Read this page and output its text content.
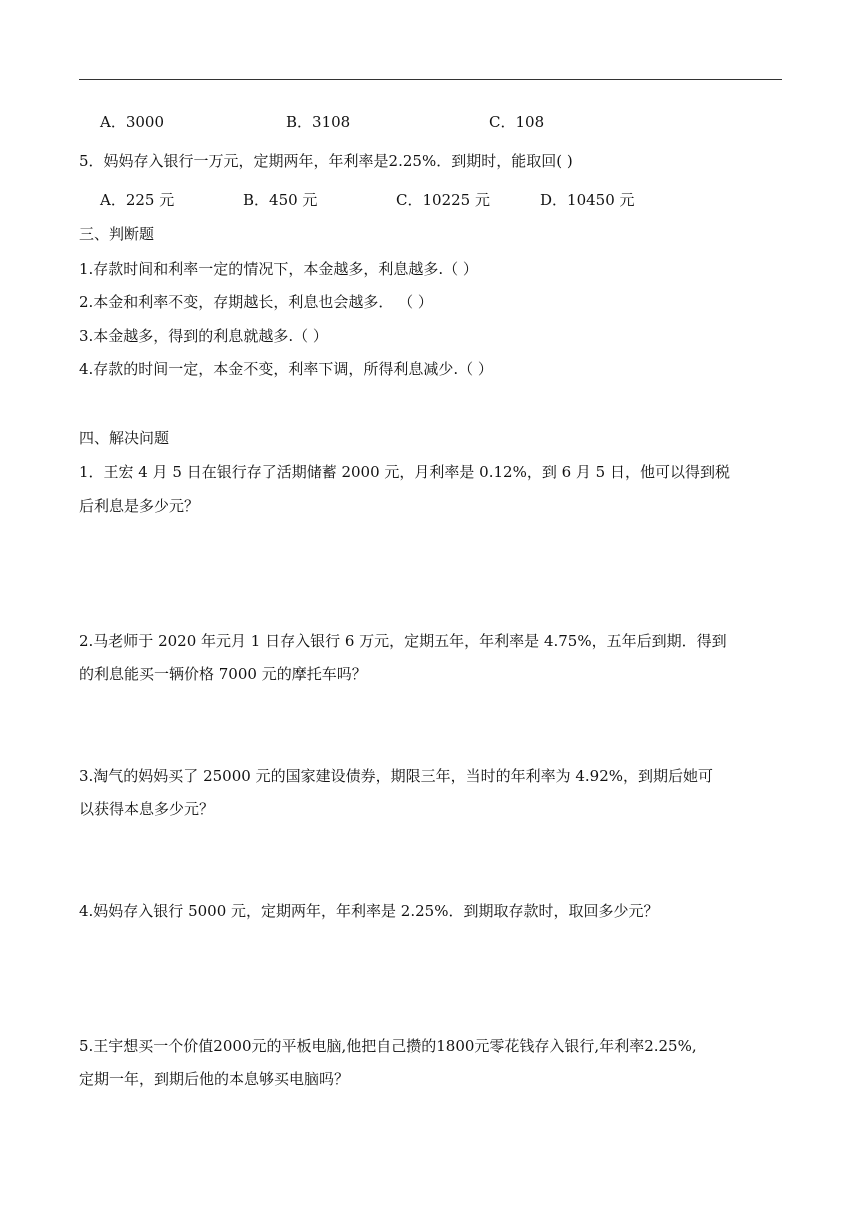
A．3000	B．3108	C．108
5．妈妈存入银行一万元，定期两年，年利率是2.25%．到期时，能取回( )
A．225 元	B．450 元	C．10225 元	D．10450 元
三、判断题
1.存款时间和利率一定的情况下，本金越多，利息越多.（ ）
2.本金和利率不变，存期越长，利息也会越多． （ ）
3.本金越多，得到的利息就越多.（ ）
4.存款的时间一定，本金不变，利率下调，所得利息减少.（ ）
四、解决问题
1．王宏 4 月 5 日在银行存了活期储蓄 2000 元，月利率是 0.12%，到 6 月 5 日，他可以得到税
后利息是多少元？
2.马老师于 2020 年元月 1 日存入银行 6 万元，定期五年，年利率是 4.75%，五年后到期．得到
的利息能买一辆价格 7000 元的摩托车吗？
3.淘气的妈妈买了 25000 元的国家建设债券，期限三年，当时的年利率为 4.92%，到期后她可
以获得本息多少元？
4.妈妈存入银行 5000 元，定期两年，年利率是 2.25%．到期取存款时，取回多少元？
5.王宇想买一个价值2000元的平板电脑,他把自己攒的1800元零花钱存入银行,年利率2.25%,
定期一年，到期后他的本息够买电脑吗？
